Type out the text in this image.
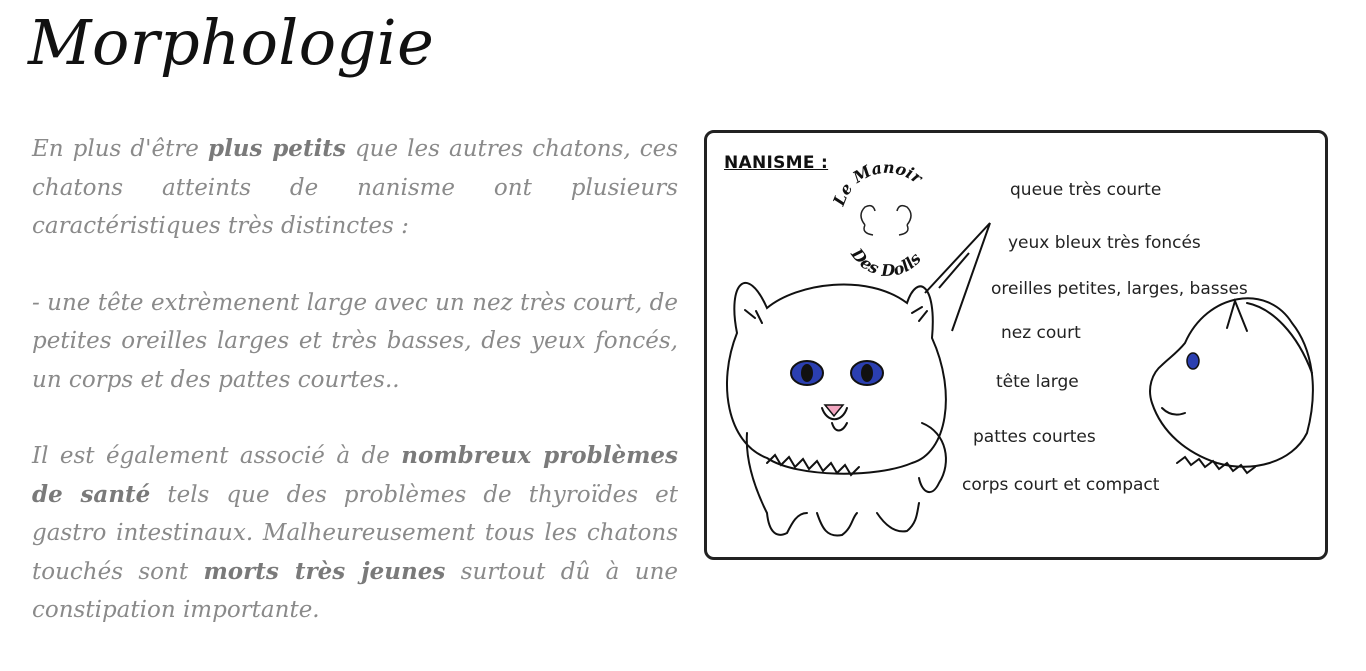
Morphologie

En plus d'être plus petits que les autres chatons, ces chatons atteints de nanisme ont plusieurs caractéristiques très distinctes :

- une tête extrèmenent large avec un nez très court, de petites oreilles larges et très basses, des yeux foncés, un corps et des pattes courtes..

Il est également associé à de nombreux problèmes de santé tels que des problèmes de thyroïdes et gastro intestinaux. Malheureusement tous les chatons touchés sont morts très jeunes surtout dû à une constipation importante.

Le Manoir
Des Dolls
NANISME :
queue très courte
yeux bleux très foncés
oreilles petites, larges, basses
nez court
tête large
pattes courtes
corps court et compact
